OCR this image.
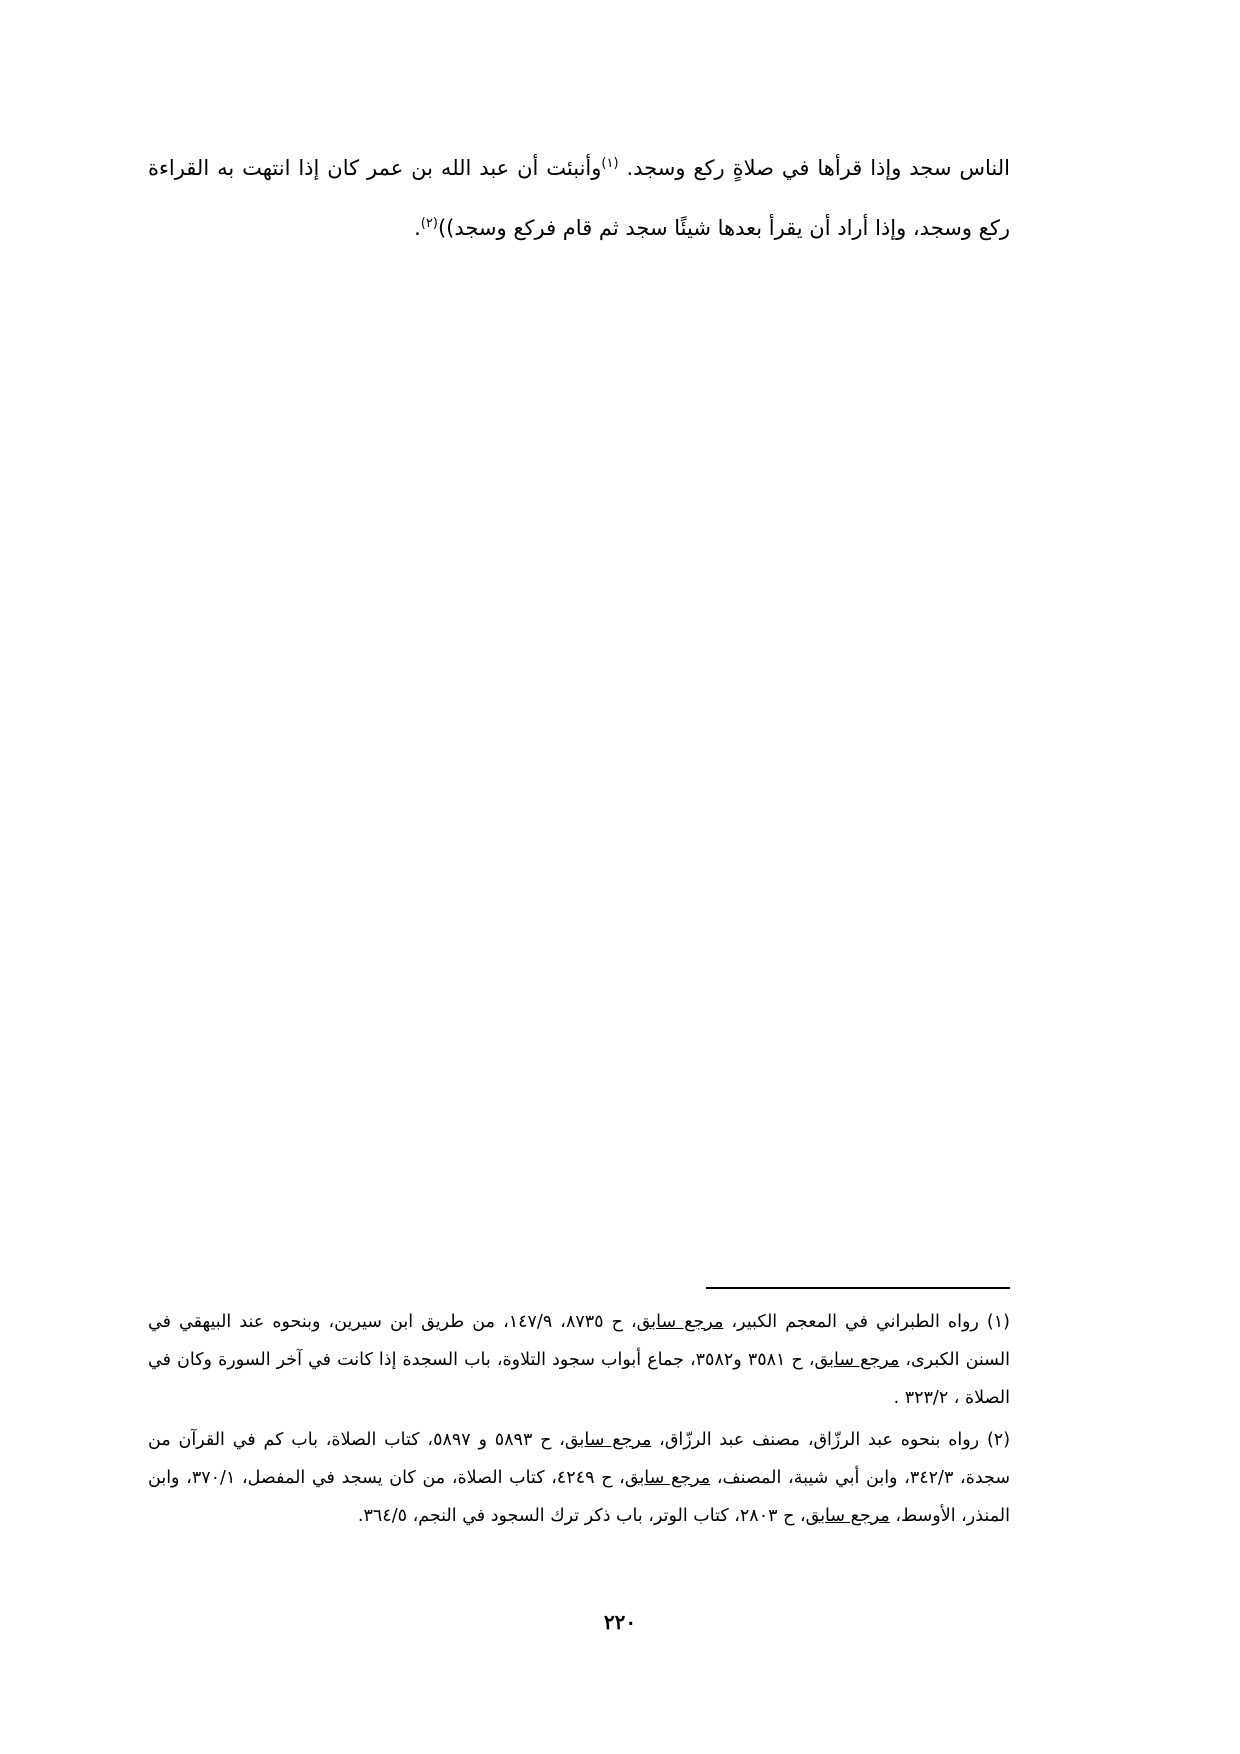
الناس سجد وإذا قرأها في صلاةٍ ركع وسجد. $^{(١)}$وأنبئت أن عبد الله بن عمر كان إذا انتهت به القراءة ركع وسجد، وإذا أراد أن يقرأ بعدها شيئًا سجد ثم قام فركع وسجد))$^{(٢)}$.

(١) رواه الطبراني في المعجم الكبير، مرجع سابق، ح ٨٧٣٥، ١٤٧/٩، من طريق ابن سيرين، وبنحوه عند البيهقي في السنن الكبرى، مرجع سابق، ح ٣٥٨١ و٣٥٨٢، جماع أبواب سجود التلاوة، باب السجدة إذا كانت في آخر السورة وكان في الصلاة ، ٣٢٣/٢ .

(٢) رواه بنحوه عبد الرزّاق، مصنف عبد الرزّاق، مرجع سابق، ح ٥٨٩٣ و ٥٨٩٧، كتاب الصلاة، باب كم في القرآن من سجدة، ٣٤٢/٣، وابن أبي شيبة، المصنف، مرجع سابق، ح ٤٢٤٩، كتاب الصلاة، من كان يسجد في المفصل، ٣٧٠/١، وابن المنذر، الأوسط، مرجع سابق، ح ٢٨٠٣، كتاب الوتر، باب ذكر ترك السجود في النجم، ٣٦٤/٥.

٢٢٠
